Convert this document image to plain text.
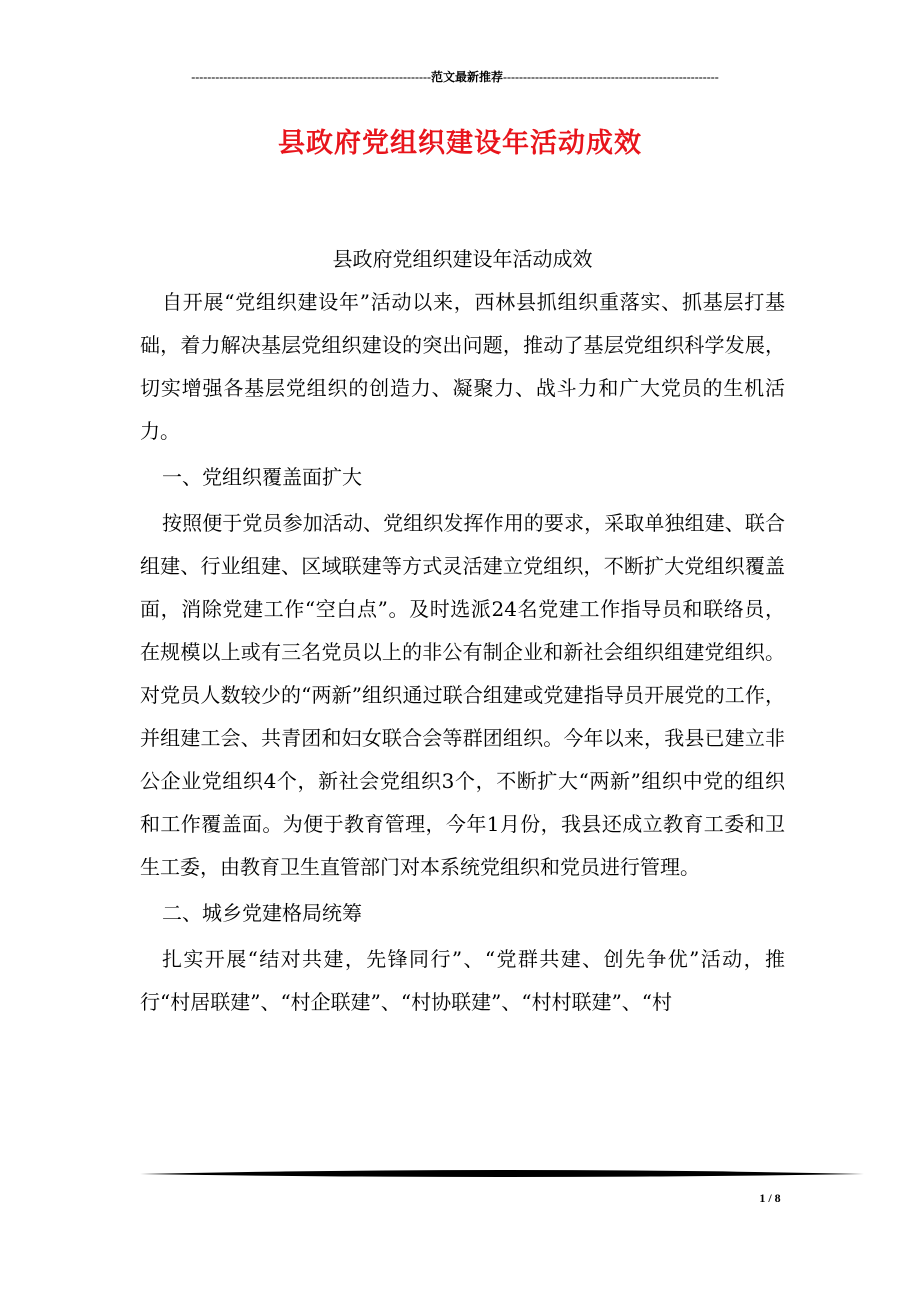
------------------------------------------------------------范文最新推荐------------------------------------------------------
县政府党组织建设年活动成效

县政府党组织建设年活动成效

自开展“党组织建设年”活动以来，西林县抓组织重落实、抓基层打基础，着力解决基层党组织建设的突出问题，推动了基层党组织科学发展，切实增强各基层党组织的创造力、凝聚力、战斗力和广大党员的生机活力。

一、党组织覆盖面扩大

按照便于党员参加活动、党组织发挥作用的要求，采取单独组建、联合组建、行业组建、区域联建等方式灵活建立党组织，不断扩大党组织覆盖面，消除党建工作“空白点”。及时选派24名党建工作指导员和联络员，在规模以上或有三名党员以上的非公有制企业和新社会组织组建党组织。对党员人数较少的“两新”组织通过联合组建或党建指导员开展党的工作，并组建工会、共青团和妇女联合会等群团组织。今年以来，我县已建立非公企业党组织4个，新社会党组织3个，不断扩大“两新”组织中党的组织和工作覆盖面。为便于教育管理，今年1月份，我县还成立教育工委和卫生工委，由教育卫生直管部门对本系统党组织和党员进行管理。

二、城乡党建格局统筹

扎实开展“结对共建，先锋同行”、“党群共建、创先争优”活动，推行“村居联建”、“村企联建”、“村协联建”、“村村联建”、“村

1 / 8
